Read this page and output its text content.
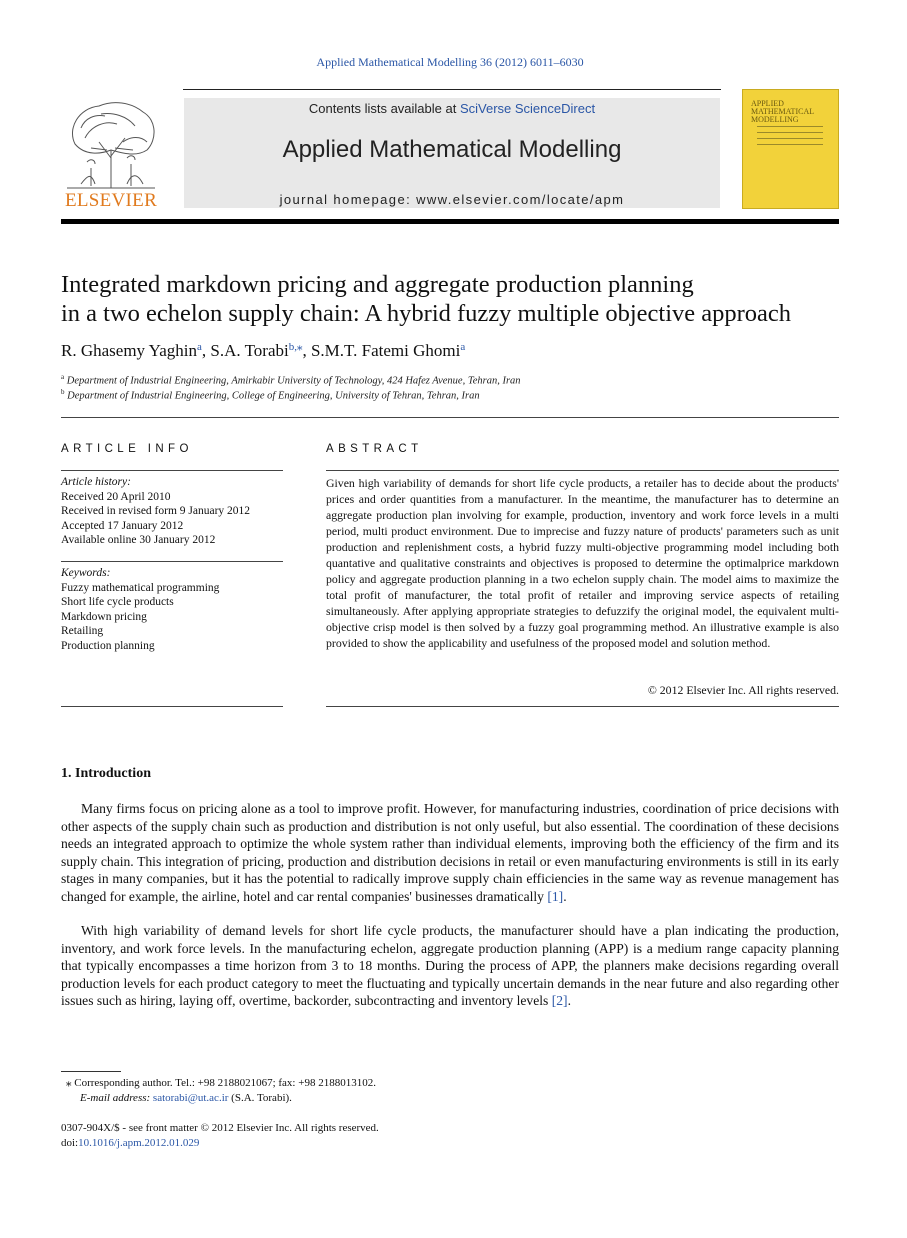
Applied Mathematical Modelling 36 (2012) 6011–6030
ELSEVIER
Contents lists available at SciVerse ScienceDirect
Applied Mathematical Modelling
journal homepage: www.elsevier.com/locate/apm
APPLIED MATHEMATICAL MODELLING
Integrated markdown pricing and aggregate production planning
in a two echelon supply chain: A hybrid fuzzy multiple objective approach
R. Ghasemy Yaghin$^a$, S.A. Torabi$^{b,⁎}$, S.M.T. Fatemi Ghomi$^a$
$^a$ Department of Industrial Engineering, Amirkabir University of Technology, 424 Hafez Avenue, Tehran, Iran
$^b$ Department of Industrial Engineering, College of Engineering, University of Tehran, Tehran, Iran
ARTICLE INFO	ABSTRACT
Article history:
Received 20 April 2010
Received in revised form 9 January 2012
Accepted 17 January 2012
Available online 30 January 2012
Keywords:
Fuzzy mathematical programming
Short life cycle products
Markdown pricing
Retailing
Production planning
Given high variability of demands for short life cycle products, a retailer has to decide about the products' prices and order quantities from a manufacturer. In the meantime, the manufacturer has to determine an aggregate production plan involving for example, production, inventory and work force levels in a multi period, multi product environment. Due to imprecise and fuzzy nature of products' parameters such as unit production and replenishment costs, a hybrid fuzzy multi-objective programming model including both quantative and qualitative constraints and objectives is proposed to determine the optimalprice markdown policy and aggregate production planning in a two echelon supply chain. The model aims to maximize the total profit of manufacturer, the total profit of retailer and improving service aspects of retailing simultaneously. After applying appropriate strategies to defuzzify the original model, the equivalent multi-objective crisp model is then solved by a fuzzy goal programming method. An illustrative example is also provided to show the applicability and usefulness of the proposed model and solution method.
© 2012 Elsevier Inc. All rights reserved.
1. Introduction
Many firms focus on pricing alone as a tool to improve profit. However, for manufacturing industries, coordination of price decisions with other aspects of the supply chain such as production and distribution is not only useful, but also essential. The coordination of these decisions needs an integrated approach to optimize the whole system rather than individual elements, improving both the efficiency of the firm and its supply chain. This integration of pricing, production and distribution decisions in retail or even manufacturing environments is still in its early stages in many companies, but it has the potential to radically improve supply chain efficiencies in the same way as revenue management has changed for example, the airline, hotel and car rental companies' businesses dramatically [1].
With high variability of demand levels for short life cycle products, the manufacturer should have a plan indicating the production, inventory, and work force levels. In the manufacturing echelon, aggregate production planning (APP) is a medium range capacity planning that typically encompasses a time horizon from 3 to 18 months. During the process of APP, the planners make decisions regarding overall production levels for each product category to meet the fluctuating and typically uncertain demands in the near future and also regarding other issues such as hiring, laying off, overtime, backorder, subcontracting and inventory levels [2].
⁎ Corresponding author. Tel.: +98 2188021067; fax: +98 2188013102.
E-mail address: satorabi@ut.ac.ir (S.A. Torabi).
0307-904X/$ - see front matter © 2012 Elsevier Inc. All rights reserved.
doi:10.1016/j.apm.2012.01.029
